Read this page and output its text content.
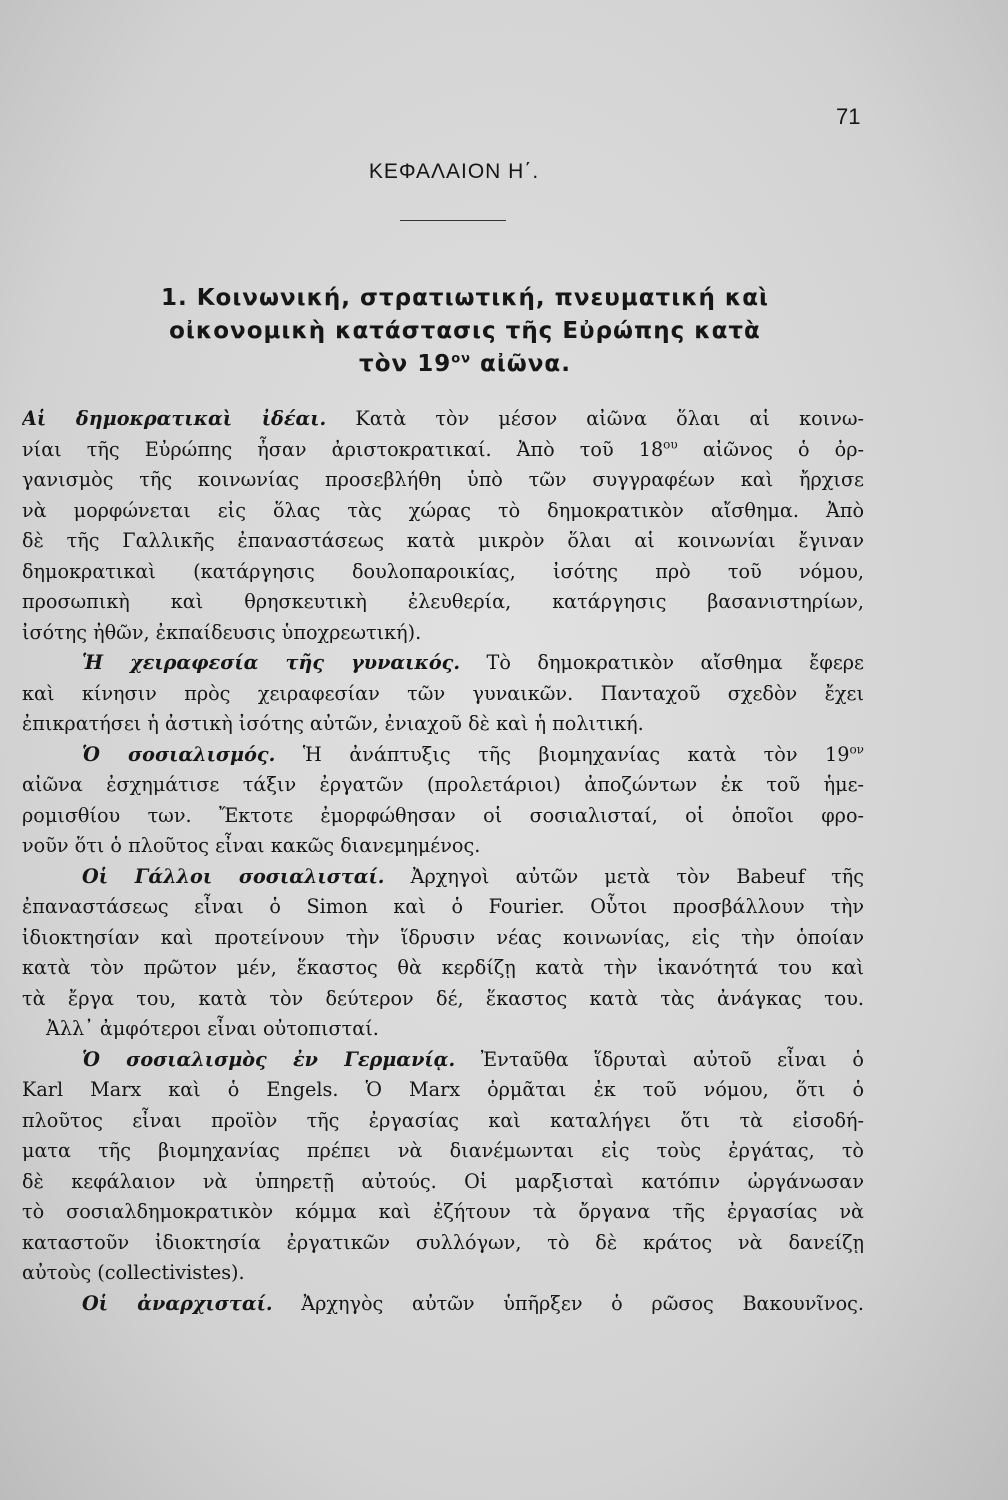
71
ΚΕΦΑΛΑΙΟΝ Η΄.
1. Κοινωνική, στρατιωτική, πνευματική καὶ
οἰκονομικὴ κατάστασις τῆς Εὐρώπης κατὰ
τὸν $19^{o\nu}$ αἰῶνα.
Αἱ δημοκρατικαὶ ἰδέαι. Κατὰ τὸν μέσον αἰῶνα ὅλαι αἱ κοινω-
νίαι τῆς Εὐρώπης ἦσαν ἀριστοκρατικαί. Ἀπὸ τοῦ $18^{o\upsilon}$ αἰῶνος ὁ ὀρ-
γανισμὸς τῆς κοινωνίας προσεβλήθη ὑπὸ τῶν συγγραφέων καὶ ἤρχισε
νὰ μορφώνεται εἰς ὅλας τὰς χώρας τὸ δημοκρατικὸν αἴσθημα. Ἀπὸ
δὲ τῆς Γαλλικῆς ἐπαναστάσεως κατὰ μικρὸν ὅλαι αἱ κοινωνίαι ἔγιναν
δημοκρατικαὶ (κατάργησις δουλοπαροικίας, ἰσότης πρὸ τοῦ νόμου,
προσωπικὴ καὶ θρησκευτικὴ ἐλευθερία, κατάργησις βασανιστηρίων,
ἰσότης ἠθῶν, ἐκπαίδευσις ὑποχρεωτική).
Ἡ χειραφεσία τῆς γυναικός. Τὸ δημοκρατικὸν αἴσθημα ἔφερε
καὶ κίνησιν πρὸς χειραφεσίαν τῶν γυναικῶν. Πανταχοῦ σχεδὸν ἔχει
ἐπικρατήσει ἡ ἀστικὴ ἰσότης αὐτῶν, ἐνιαχοῦ δὲ καὶ ἡ πολιτική.
Ὁ σοσιαλισμός. Ἡ ἀνάπτυξις τῆς βιομηχανίας κατὰ τὸν $19^{o\nu}$
αἰῶνα ἐσχημάτισε τάξιν ἐργατῶν (προλετάριοι) ἀποζώντων ἐκ τοῦ ἡμε-
ρομισθίου των. Ἔκτοτε ἐμορφώθησαν οἱ σοσιαλισταί, οἱ ὁποῖοι φρο-
νοῦν ὅτι ὁ πλοῦτος εἶναι κακῶς διανεμημένος.
Οἱ Γάλλοι σοσιαλισταί. Ἀρχηγοὶ αὐτῶν μετὰ τὸν Babeuf τῆς
ἐπαναστάσεως εἶναι ὁ Simon καὶ ὁ Fourier. Οὗτοι προσβάλλουν τὴν
ἰδιοκτησίαν καὶ προτείνουν τὴν ἵδρυσιν νέας κοινωνίας, εἰς τὴν ὁποίαν
κατὰ τὸν πρῶτον μέν, ἕκαστος θὰ κερδίζῃ κατὰ τὴν ἱκανότητά του καὶ
τὰ ἔργα του, κατὰ τὸν δεύτερον δέ, ἕκαστος κατὰ τὰς ἀνάγκας του.
Ἀλλ᾽ ἀμφότεροι εἶναι οὐτοπισταί.
Ὁ σοσιαλισμὸς ἐν Γερμανίᾳ. Ἐνταῦθα ἵδρυταὶ αὐτοῦ εἶναι ὁ
Karl Marx καὶ ὁ Engels. Ὁ Marx ὁρμᾶται ἐκ τοῦ νόμου, ὅτι ὁ
πλοῦτος εἶναι προϊὸν τῆς ἐργασίας καὶ καταλήγει ὅτι τὰ εἰσοδή-
ματα τῆς βιομηχανίας πρέπει νὰ διανέμωνται εἰς τοὺς ἐργάτας, τὸ
δὲ κεφάλαιον νὰ ὑπηρετῇ αὐτούς. Οἱ μαρξισταὶ κατόπιν ὠργάνωσαν
τὸ σοσιαλδημοκρατικὸν κόμμα καὶ ἐζήτουν τὰ ὄργανα τῆς ἐργασίας νὰ
καταστοῦν ἰδιοκτησία ἐργατικῶν συλλόγων, τὸ δὲ κράτος νὰ δανείζῃ
αὐτοὺς (collectivistes).
Οἱ ἀναρχισταί. Ἀρχηγὸς αὐτῶν ὑπῆρξεν ὁ ρῶσος Βακουνῖνος.
